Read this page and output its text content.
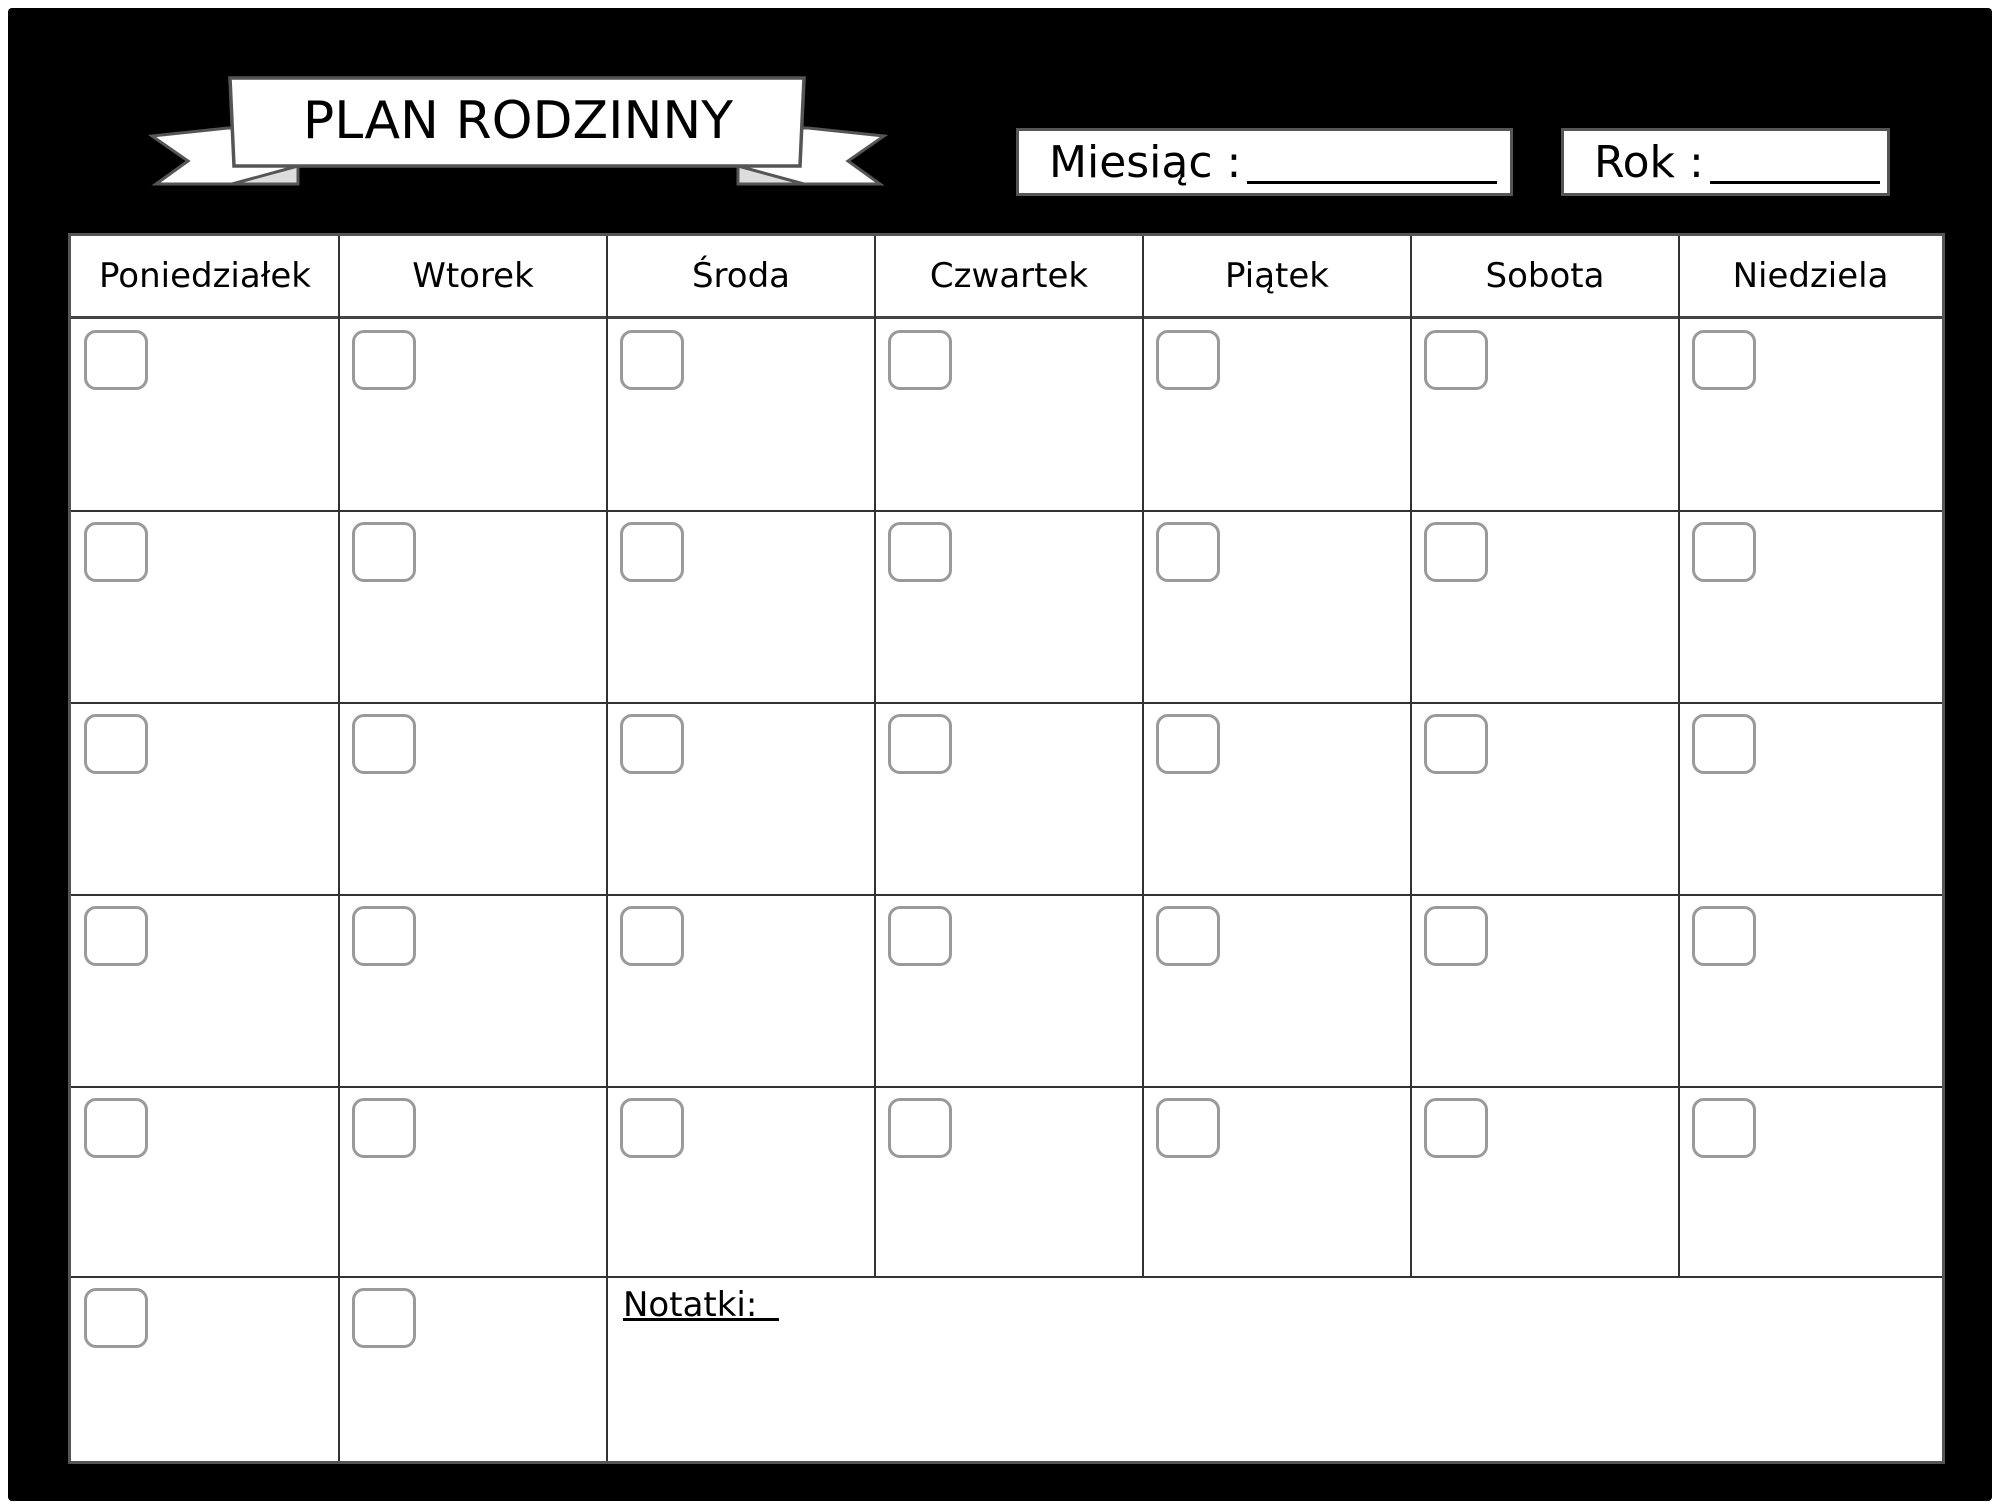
PLAN RODZINNY
Miesiąc :	Rok :
Poniedziałek	Wtorek	Środa	Czwartek	Piątek	Sobota	Niedziela
Notatki:
